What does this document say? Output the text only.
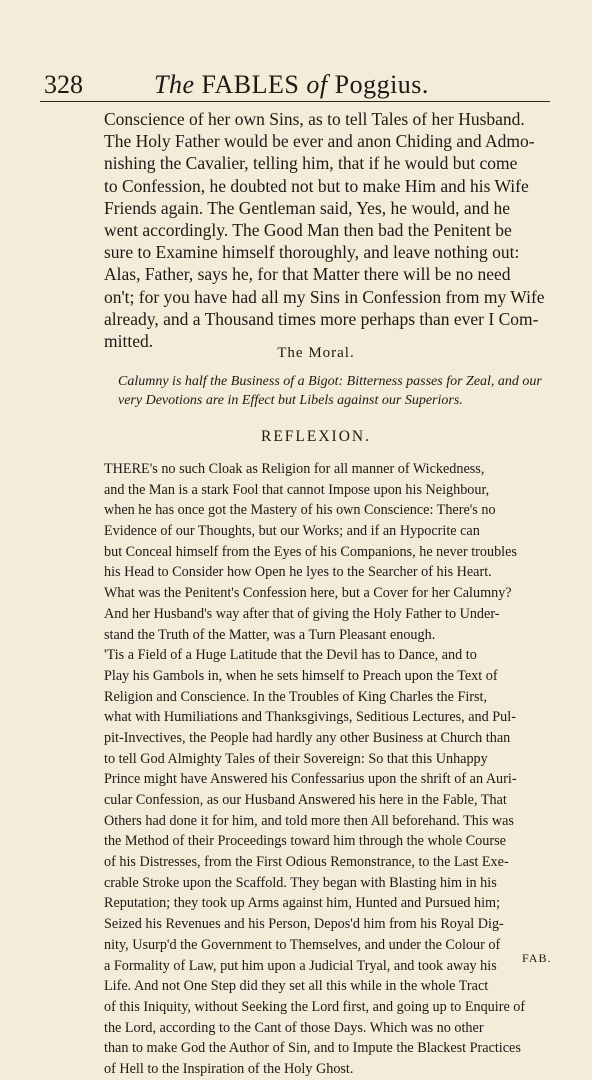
328	The FABLES of Poggius.
Conscience of her own Sins, as to tell Tales of her Husband.
The Holy Father would be ever and anon Chiding and Admo-
nishing the Cavalier, telling him, that if he would but come
to Confession, he doubted not but to make Him and his Wife
Friends again. The Gentleman said, Yes, he would, and he
went accordingly. The Good Man then bad the Penitent be
sure to Examine himself thoroughly, and leave nothing out:
Alas, Father, says he, for that Matter there will be no need
on't; for you have had all my Sins in Confession from my Wife
already, and a Thousand times more perhaps than ever I Com-
mitted.
The Moral.
Calumny is half the Business of a Bigot: Bitterness passes for Zeal, and our
very Devotions are in Effect but Libels against our Superiors.
REFLEXION.
THERE's no such Cloak as Religion for all manner of Wickedness,
and the Man is a stark Fool that cannot Impose upon his Neighbour,
when he has once got the Mastery of his own Conscience: There's no
Evidence of our Thoughts, but our Works; and if an Hypocrite can
but Conceal himself from the Eyes of his Companions, he never troubles
his Head to Consider how Open he lyes to the Searcher of his Heart.
What was the Penitent's Confession here, but a Cover for her Calumny?
And her Husband's way after that of giving the Holy Father to Under-
stand the Truth of the Matter, was a Turn Pleasant enough.
'Tis a Field of a Huge Latitude that the Devil has to Dance, and to
Play his Gambols in, when he sets himself to Preach upon the Text of
Religion and Conscience. In the Troubles of King Charles the First,
what with Humiliations and Thanksgivings, Seditious Lectures, and Pul-
pit-Invectives, the People had hardly any other Business at Church than
to tell God Almighty Tales of their Sovereign: So that this Unhappy
Prince might have Answered his Confessarius upon the shrift of an Auri-
cular Confession, as our Husband Answered his here in the Fable, That
Others had done it for him, and told more then All beforehand. This was
the Method of their Proceedings toward him through the whole Course
of his Distresses, from the First Odious Remonstrance, to the Last Exe-
crable Stroke upon the Scaffold. They began with Blasting him in his
Reputation; they took up Arms against him, Hunted and Pursued him;
Seized his Revenues and his Person, Depos'd him from his Royal Dig-
nity, Usurp'd the Government to Themselves, and under the Colour of
a Formality of Law, put him upon a Judicial Tryal, and took away his
Life. And not One Step did they set all this while in the whole Tract
of this Iniquity, without Seeking the Lord first, and going up to Enquire of
the Lord, according to the Cant of those Days. Which was no other
than to make God the Author of Sin, and to Impute the Blackest Practices
of Hell to the Inspiration of the Holy Ghost.
FAB.
